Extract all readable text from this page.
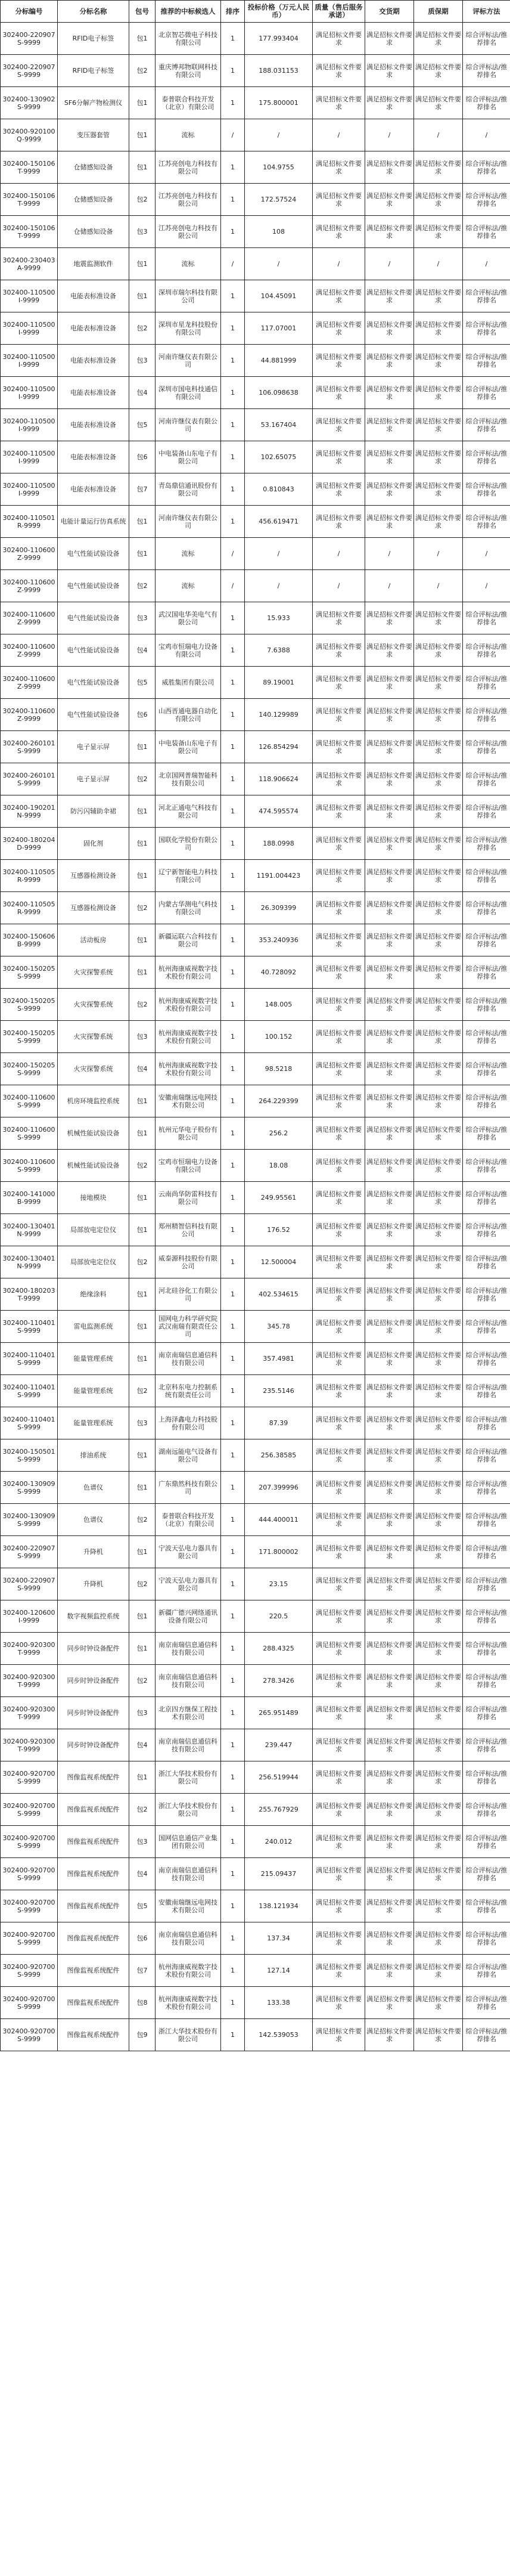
分标编号	分标名称	包号	推荐的中标候选人	排序	投标价格（万元人民币）	质量（售后服务承诺）	交货期	质保期	评标方法
302400-220907S-9999	RFID电子标签	包1	北京智芯微电子科技有限公司	1	177.993404	满足招标文件要求	满足招标文件要求	满足招标文件要求	综合评标法/推荐排名
302400-220907S-9999	RFID电子标签	包2	重庆博邦物联网科技有限公司	1	188.031153	满足招标文件要求	满足招标文件要求	满足招标文件要求	综合评标法/推荐排名
302400-130902S-9999	SF6分解产物检测仪	包1	泰普联合科技开发（北京）有限公司	1	175.800001	满足招标文件要求	满足招标文件要求	满足招标文件要求	综合评标法/推荐排名
302400-920100Q-9999	变压器套管	包1	流标	/	/	/	/	/	/
302400-150106T-9999	仓储感知设备	包1	江苏亮创电力科技有限公司	1	104.9755	满足招标文件要求	满足招标文件要求	满足招标文件要求	综合评标法/推荐排名
302400-150106T-9999	仓储感知设备	包2	江苏亮创电力科技有限公司	1	172.57524	满足招标文件要求	满足招标文件要求	满足招标文件要求	综合评标法/推荐排名
302400-150106T-9999	仓储感知设备	包3	江苏亮创电力科技有限公司	1	108	满足招标文件要求	满足招标文件要求	满足招标文件要求	综合评标法/推荐排名
302400-230403A-9999	地震监测软件	包1	流标	/	/	/	/	/	/
302400-110500I-9999	电能表标准设备	包1	深圳市瑞尔科技有限公司	1	104.45091	满足招标文件要求	满足招标文件要求	满足招标文件要求	综合评标法/推荐排名
302400-110500I-9999	电能表标准设备	包2	深圳市星龙科技股份有限公司	1	117.07001	满足招标文件要求	满足招标文件要求	满足招标文件要求	综合评标法/推荐排名
302400-110500I-9999	电能表标准设备	包3	河南许继仪表有限公司	1	44.881999	满足招标文件要求	满足招标文件要求	满足招标文件要求	综合评标法/推荐排名
302400-110500I-9999	电能表标准设备	包4	深圳市国电科技通信有限公司	1	106.098638	满足招标文件要求	满足招标文件要求	满足招标文件要求	综合评标法/推荐排名
302400-110500I-9999	电能表标准设备	包5	河南许继仪表有限公司	1	53.167404	满足招标文件要求	满足招标文件要求	满足招标文件要求	综合评标法/推荐排名
302400-110500I-9999	电能表标准设备	包6	中电装备山东电子有限公司	1	102.65075	满足招标文件要求	满足招标文件要求	满足招标文件要求	综合评标法/推荐排名
302400-110500I-9999	电能表标准设备	包7	青岛鼎信通讯股份有限公司	1	0.810843	满足招标文件要求	满足招标文件要求	满足招标文件要求	综合评标法/推荐排名
302400-110501R-9999	电能计量运行仿真系统	包1	河南许继仪表有限公司	1	456.619471	满足招标文件要求	满足招标文件要求	满足招标文件要求	综合评标法/推荐排名
302400-110600Z-9999	电气性能试验设备	包1	流标	/	/	/	/	/	/
302400-110600Z-9999	电气性能试验设备	包2	流标	/	/	/	/	/	/
302400-110600Z-9999	电气性能试验设备	包3	武汉国电华美电气有限公司	1	15.933	满足招标文件要求	满足招标文件要求	满足招标文件要求	综合评标法/推荐排名
302400-110600Z-9999	电气性能试验设备	包4	宝鸡市恒瑞电力设备有限公司	1	7.6388	满足招标文件要求	满足招标文件要求	满足招标文件要求	综合评标法/推荐排名
302400-110600Z-9999	电气性能试验设备	包5	威胜集团有限公司	1	89.19001	满足招标文件要求	满足招标文件要求	满足招标文件要求	综合评标法/推荐排名
302400-110600Z-9999	电气性能试验设备	包6	山西晋通电器自动化有限公司	1	140.129989	满足招标文件要求	满足招标文件要求	满足招标文件要求	综合评标法/推荐排名
302400-260101S-9999	电子显示屏	包1	中电装备山东电子有限公司	1	126.854294	满足招标文件要求	满足招标文件要求	满足招标文件要求	综合评标法/推荐排名
302400-260101S-9999	电子显示屏	包2	北京国网普瑞智能科技有限公司	1	118.906624	满足招标文件要求	满足招标文件要求	满足招标文件要求	综合评标法/推荐排名
302400-190201N-9999	防污闪辅助伞裙	包1	河北正通电气科技有限公司	1	474.595574	满足招标文件要求	满足招标文件要求	满足招标文件要求	综合评标法/推荐排名
302400-180204D-9999	固化剂	包1	国联化学股份有限公司	1	188.0998	满足招标文件要求	满足招标文件要求	满足招标文件要求	综合评标法/推荐排名
302400-110505R-9999	互感器检测设备	包1	辽宁新智能电力科技有限公司	1	1191.004423	满足招标文件要求	满足招标文件要求	满足招标文件要求	综合评标法/推荐排名
302400-110505R-9999	互感器检测设备	包2	内蒙古华测电气科技有限公司	1	26.309399	满足招标文件要求	满足招标文件要求	满足招标文件要求	综合评标法/推荐排名
302400-150606B-9999	活动板房	包1	新疆运联六合科技有限公司	1	353.240936	满足招标文件要求	满足招标文件要求	满足招标文件要求	综合评标法/推荐排名
302400-150205S-9999	火灾探警系统	包1	杭州海康威视数字技术股份有限公司	1	40.728092	满足招标文件要求	满足招标文件要求	满足招标文件要求	综合评标法/推荐排名
302400-150205S-9999	火灾探警系统	包2	杭州海康威视数字技术股份有限公司	1	148.005	满足招标文件要求	满足招标文件要求	满足招标文件要求	综合评标法/推荐排名
302400-150205S-9999	火灾探警系统	包3	杭州海康威视数字技术股份有限公司	1	100.152	满足招标文件要求	满足招标文件要求	满足招标文件要求	综合评标法/推荐排名
302400-150205S-9999	火灾探警系统	包4	杭州海康威视数字技术股份有限公司	1	98.5218	满足招标文件要求	满足招标文件要求	满足招标文件要求	综合评标法/推荐排名
302400-110600S-9999	机房环境监控系统	包1	安徽南瑞继远电网技术有限公司	1	264.229399	满足招标文件要求	满足招标文件要求	满足招标文件要求	综合评标法/推荐排名
302400-110600S-9999	机械性能试验设备	包1	杭州元华电子股份有限公司	1	256.2	满足招标文件要求	满足招标文件要求	满足招标文件要求	综合评标法/推荐排名
302400-110600S-9999	机械性能试验设备	包2	宝鸡市恒瑞电力设备有限公司	1	18.08	满足招标文件要求	满足招标文件要求	满足招标文件要求	综合评标法/推荐排名
302400-141000B-9999	接地模块	包1	云南尚华防雷科技有限公司	1	249.95561	满足招标文件要求	满足招标文件要求	满足招标文件要求	综合评标法/推荐排名
302400-130401N-9999	局部放电定位仪	包1	郑州精智信科技有限公司	1	176.52	满足招标文件要求	满足招标文件要求	满足招标文件要求	综合评标法/推荐排名
302400-130401N-9999	局部放电定位仪	包2	威泰源科技股份有限公司	1	12.500004	满足招标文件要求	满足招标文件要求	满足招标文件要求	综合评标法/推荐排名
302400-180203T-9999	绝缘涂料	包1	河北硅谷化工有限公司	1	402.534615	满足招标文件要求	满足招标文件要求	满足招标文件要求	综合评标法/推荐排名
302400-110401S-9999	雷电监测系统	包1	国网电力科学研究院武汉南瑞有限责任公司	1	345.78	满足招标文件要求	满足招标文件要求	满足招标文件要求	综合评标法/推荐排名
302400-110401S-9999	能量管理系统	包1	南京南瑞信息通信科技有限公司	1	357.4981	满足招标文件要求	满足招标文件要求	满足招标文件要求	综合评标法/推荐排名
302400-110401S-9999	能量管理系统	包2	北京科东电力控制系统有限责任公司	1	235.5146	满足招标文件要求	满足招标文件要求	满足招标文件要求	综合评标法/推荐排名
302400-110401S-9999	能量管理系统	包3	上海泽鑫电力科技股份有限公司	1	87.39	满足招标文件要求	满足招标文件要求	满足招标文件要求	综合评标法/推荐排名
302400-150501S-9999	排油系统	包1	湖南远能电气设备有限公司	1	256.38585	满足招标文件要求	满足招标文件要求	满足招标文件要求	综合评标法/推荐排名
302400-130909S-9999	色谱仪	包1	广东鼎然科技有限公司	1	207.399996	满足招标文件要求	满足招标文件要求	满足招标文件要求	综合评标法/推荐排名
302400-130909S-9999	色谱仪	包2	泰普联合科技开发（北京）有限公司	1	444.400011	满足招标文件要求	满足招标文件要求	满足招标文件要求	综合评标法/推荐排名
302400-220907S-9999	升降机	包1	宁波天弘电力器具有限公司	1	171.800002	满足招标文件要求	满足招标文件要求	满足招标文件要求	综合评标法/推荐排名
302400-220907S-9999	升降机	包2	宁波天弘电力器具有限公司	1	23.15	满足招标文件要求	满足招标文件要求	满足招标文件要求	综合评标法/推荐排名
302400-120600I-9999	数字视频监控系统	包1	新疆广德兴网络通讯设备有限公司	1	220.5	满足招标文件要求	满足招标文件要求	满足招标文件要求	综合评标法/推荐排名
302400-920300T-9999	同步时钟设备配件	包1	南京南瑞信息通信科技有限公司	1	288.4325	满足招标文件要求	满足招标文件要求	满足招标文件要求	综合评标法/推荐排名
302400-920300T-9999	同步时钟设备配件	包2	南京南瑞信息通信科技有限公司	1	278.3426	满足招标文件要求	满足招标文件要求	满足招标文件要求	综合评标法/推荐排名
302400-920300T-9999	同步时钟设备配件	包3	北京四方继保工程技术有限公司	1	265.951489	满足招标文件要求	满足招标文件要求	满足招标文件要求	综合评标法/推荐排名
302400-920300T-9999	同步时钟设备配件	包4	南京南瑞信息通信科技有限公司	1	239.447	满足招标文件要求	满足招标文件要求	满足招标文件要求	综合评标法/推荐排名
302400-920700S-9999	图像监视系统配件	包1	浙江大华技术股份有限公司	1	256.519944	满足招标文件要求	满足招标文件要求	满足招标文件要求	综合评标法/推荐排名
302400-920700S-9999	图像监视系统配件	包2	浙江大华技术股份有限公司	1	255.767929	满足招标文件要求	满足招标文件要求	满足招标文件要求	综合评标法/推荐排名
302400-920700S-9999	图像监视系统配件	包3	国网信息通信产业集团有限公司	1	240.012	满足招标文件要求	满足招标文件要求	满足招标文件要求	综合评标法/推荐排名
302400-920700S-9999	图像监视系统配件	包4	南京南瑞信息通信科技有限公司	1	215.09437	满足招标文件要求	满足招标文件要求	满足招标文件要求	综合评标法/推荐排名
302400-920700S-9999	图像监视系统配件	包5	安徽南瑞继远电网技术有限公司	1	138.121934	满足招标文件要求	满足招标文件要求	满足招标文件要求	综合评标法/推荐排名
302400-920700S-9999	图像监视系统配件	包6	南京南瑞信息通信科技有限公司	1	137.34	满足招标文件要求	满足招标文件要求	满足招标文件要求	综合评标法/推荐排名
302400-920700S-9999	图像监视系统配件	包7	杭州海康威视数字技术股份有限公司	1	127.14	满足招标文件要求	满足招标文件要求	满足招标文件要求	综合评标法/推荐排名
302400-920700S-9999	图像监视系统配件	包8	杭州海康威视数字技术股份有限公司	1	133.38	满足招标文件要求	满足招标文件要求	满足招标文件要求	综合评标法/推荐排名
302400-920700S-9999	图像监视系统配件	包9	浙江大华技术股份有限公司	1	142.539053	满足招标文件要求	满足招标文件要求	满足招标文件要求	综合评标法/推荐排名
